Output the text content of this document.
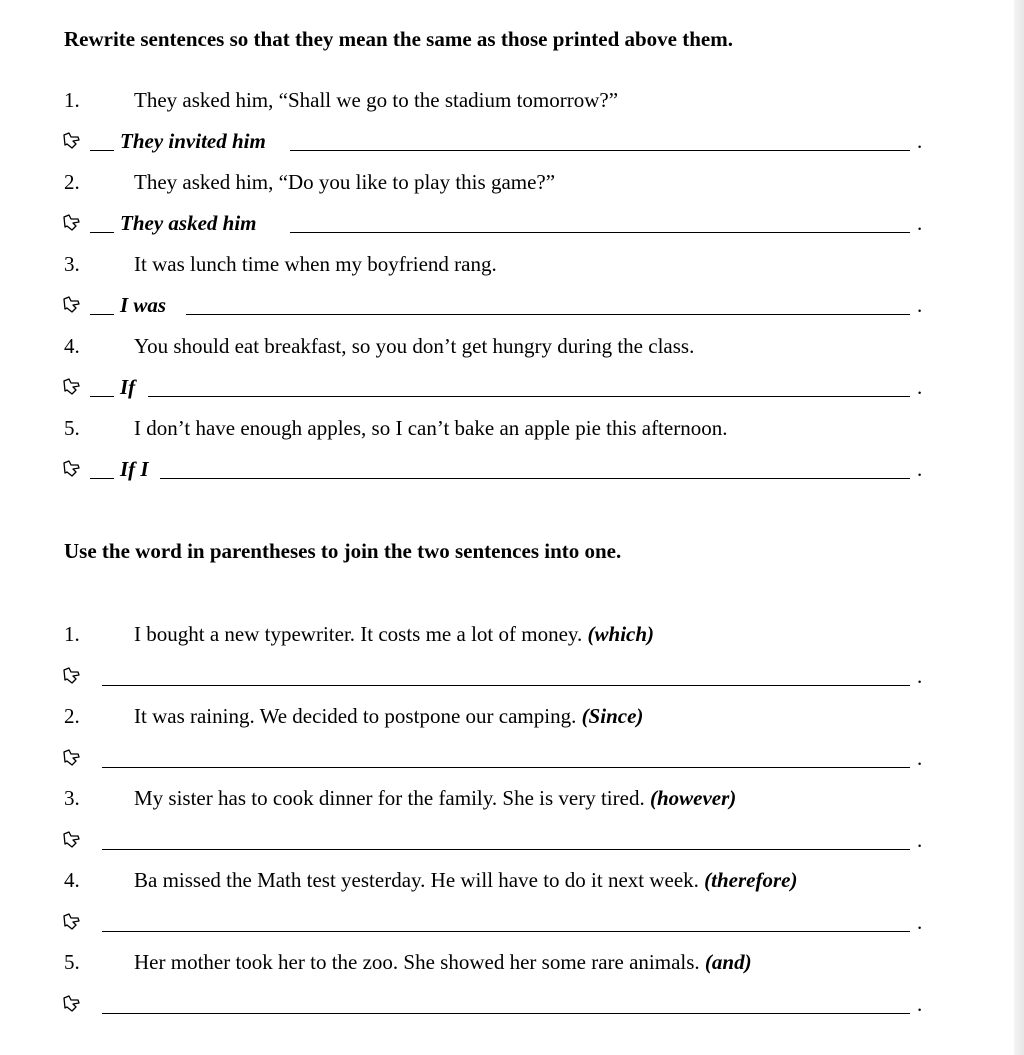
Rewrite sentences so that they mean the same as those printed above them.
1.	They asked him, “Shall we go to the stadium tomorrow?”
They invited him	.
2.	They asked him, “Do you like to play this game?”
They asked him	.
3.	It was lunch time when my boyfriend rang.
I was	.
4.	You should eat breakfast, so you don’t get hungry during the class.
If	.
5.	I don’t have enough apples, so I can’t bake an apple pie this afternoon.
If I	.
Use the word in parentheses to join the two sentences into one.
1.	I bought a new typewriter. It costs me a lot of money. (which)
.
2.	It was raining. We decided to postpone our camping. (Since)
.
3.	My sister has to cook dinner for the family. She is very tired. (however)
.
4.	Ba missed the Math test yesterday. He will have to do it next week. (therefore)
.
5.	Her mother took her to the zoo. She showed her some rare animals. (and)
.
